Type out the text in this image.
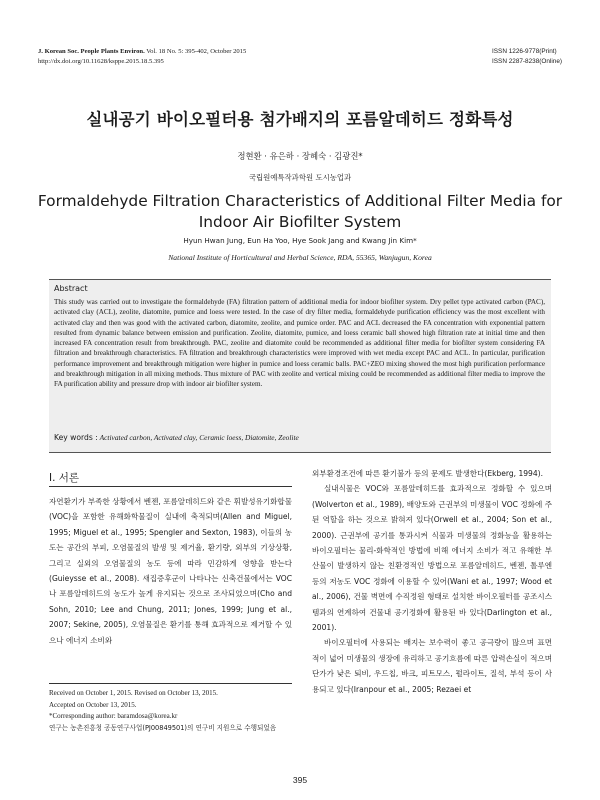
J. Korean Soc. People Plants Environ. Vol. 18 No. 5: 395-402, October 2015
http://dx.doi.org/10.11628/ksppe.2015.18.5.395
ISSN 1226-9778(Print)
ISSN 2287-8238(Online)
실내공기 바이오필터용 첨가배지의 포름알데히드 정화특성
정현환 · 유은하 · 장혜숙 · 김광진*
국립원예특작과학원 도시농업과
Formaldehyde Filtration Characteristics of Additional Filter Media for Indoor Air Biofilter System
Hyun Hwan Jung, Eun Ha Yoo, Hye Sook Jang and Kwang Jin Kim*
National Institute of Horticultural and Herbal Science, RDA, 55365, Wanjugun, Korea
Abstract

This study was carried out to investigate the formaldehyde (FA) filtration pattern of additional media for indoor biofilter system. Dry pellet type activated carbon (PAC), activated clay (ACL), zeolite, diatomite, pumice and loess were tested. In the case of dry filter media, formaldehyde purification efficiency was the most excellent with activated clay and then was good with the activated carbon, diatomite, zeolite, and pumice order. PAC and ACL decreased the FA concentration with exponential pattern resulted from dynamic balance between emission and purification. Zeolite, diatomite, pumice, and loess ceramic ball showed high filtration rate at initial time and then increased FA concentration result from breakthrough. PAC, zeolite and diatomite could be recommended as additional filter media for biofilter system considering FA filtration and breakthrough characteristics. FA filtration and breakthrough characteristics were improved with wet media except PAC and ACL. In particular, purification performance improvement and breakthrough mitigation were higher in pumice and loess ceramic balls. PAC+ZEO mixing showed the most high purification performance and breakthrough mitigation in all mixing methods. Thus mixture of PAC with zeolite and vertical mixing could be recommended as additional filter media to improve the FA purification ability and pressure drop with indoor air biofilter system.

Key words : Activated carbon, Activated clay, Ceramic loess, Diatomite, Zeolite
Ⅰ. 서론

자연환기가 부족한 상황에서 벤젠, 포름알데히드와 같은 휘발성유기화합물(VOC)을 포함한 유해화학물질이 실내에 축적되며(Allen and Miguel, 1995; Miguel et al., 1995; Spengler and Sexton, 1983), 이들의 농도는 공간의 부피, 오염물질의 발생 및 제거율, 환기량, 외부의 기상상황, 그리고 실외의 오염물질의 농도 등에 따라 민감하게 영향을 받는다(Guieysse et al., 2008). 새집증후군이 나타나는 신축건물에서는 VOC나 포름알데히드의 농도가 높게 유지되는 것으로 조사되었으며(Cho and Sohn, 2010; Lee and Chung, 2011; Jones, 1999; Jung et al., 2007; Sekine, 2005), 오염물질은 환기를 통해 효과적으로 제거할 수 있으나 에너지 소비와

외부환경조건에 따른 환기불가 등의 문제도 발생한다(Ekberg, 1994).

실내식물은 VOC와 포름알데히드를 효과적으로 정화할 수 있으며(Wolverton et al., 1989), 배양토와 근권부의 미생물이 VOC 정화에 주된 역할을 하는 것으로 밝혀져 있다(Orwell et al., 2004; Son et al., 2000). 근권부에 공기를 통과시켜 식물과 미생물의 정화능을 활용하는 바이오필터는 물리-화학적인 방법에 비해 에너지 소비가 적고 유해한 부산물이 발생하지 않는 친환경적인 방법으로 포름알데히드, 벤젠, 톨루엔 등의 저농도 VOC 정화에 이용할 수 있어(Wani et al., 1997; Wood et al., 2006), 건물 벽면에 수직정원 형태로 설치한 바이오필터를 공조시스템과의 연계하여 건물내 공기정화에 활용된 바 있다(Darlington et al., 2001).

바이오필터에 사용되는 배지는 보수력이 좋고 공극량이 많으며 표면적이 넓어 미생물의 생장에 유리하고 공기흐름에 따른 압력손실이 적으며 단가가 낮은 퇴비, 우드칩, 바크, 피트모스, 펄라이트, 질석, 부석 등이 사용되고 있다(Iranpour et al., 2005; Rezaei et

Received on October 1, 2015. Revised on October 13, 2015.
Accepted on October 13, 2015.
*Corresponding author: baramdosa@korea.kr
연구는 농촌진흥청 공동연구사업(PJ00849501)의 연구비 지원으로 수행되었음
395
